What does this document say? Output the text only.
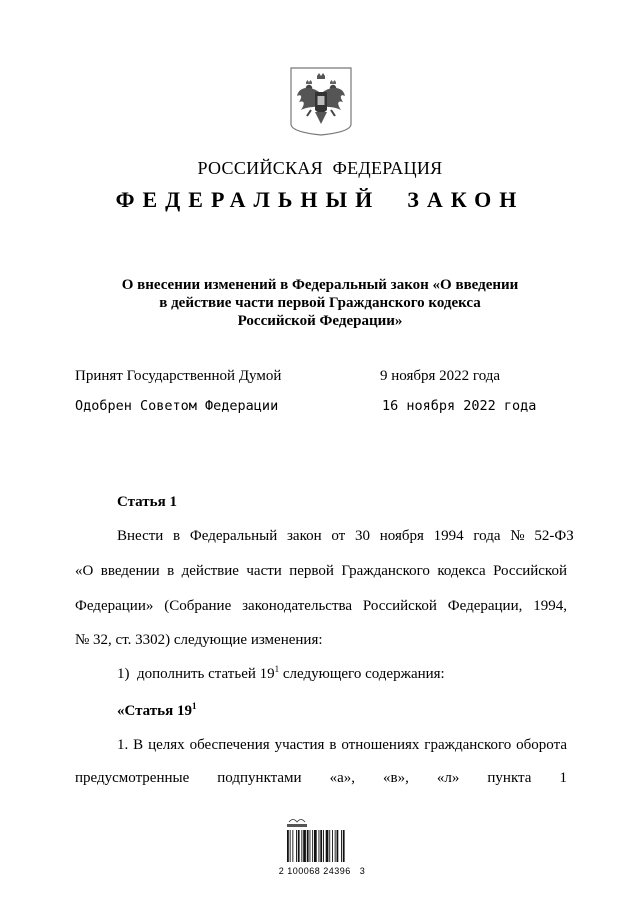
РОССИЙСКАЯ  ФЕДЕРАЦИЯ
ФЕДЕРАЛЬНЫЙ  ЗАКОН
О внесении изменений в Федеральный закон «О введении
в действие части первой Гражданского кодекса
Российской Федерации»
Принят Государственной Думой	9 ноября 2022 года
Одобрен Советом Федерации	16 ноября 2022 года
Статья 1
Внести в Федеральный закон от 30 ноября 1994 года № 52-ФЗ
«О введении в действие части первой Гражданского кодекса Российской
Федерации» (Собрание законодательства Российской Федерации, 1994,
№ 32, ст. 3302) следующие изменения:
1)  дополнить статьей $19^1$ следующего содержания:
«Статья $19^1$
1. В целях обеспечения участия в отношениях гражданского оборота
предусмотренные подпунктами «а», «в», «л» пункта 1
2 100068 24396   3
